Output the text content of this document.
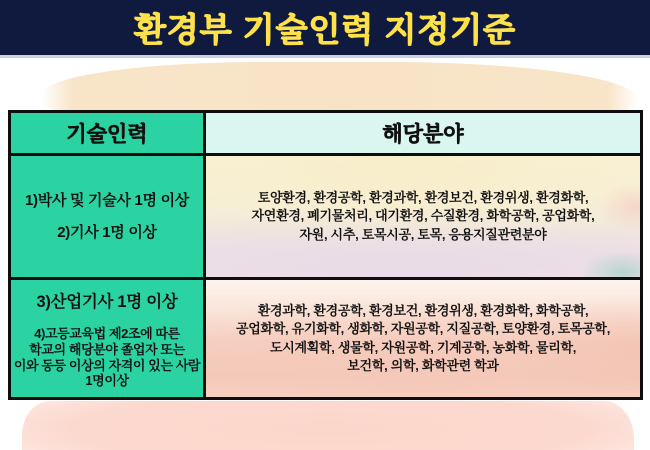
환경부 기술인력 지정기준
기술인력	해당분야
1)박사 및 기술사 1명 이상
2)기사 1명 이상
토양환경, 환경공학, 환경과학, 환경보건, 환경위생, 환경화학,
자연환경, 폐기물처리, 대기환경, 수질환경, 화학공학, 공업화학,
자원, 시추, 토목시공, 토목, 응용지질관련분야
3)산업기사 1명 이상
4)고등교육법 제2조에 따른
학교의 해당분야 졸업자 또는
이와 동등 이상의 자격이 있는 사람
1명이상
환경과학, 환경공학, 환경보건, 환경위생, 환경화학, 화학공학,
공업화학, 유기화학, 생화학, 자원공학, 지질공학, 토양환경, 토목공학,
도시계획학, 생물학, 자원공학, 기계공학, 농화학, 물리학,
보건학, 의학, 화학관련 학과
